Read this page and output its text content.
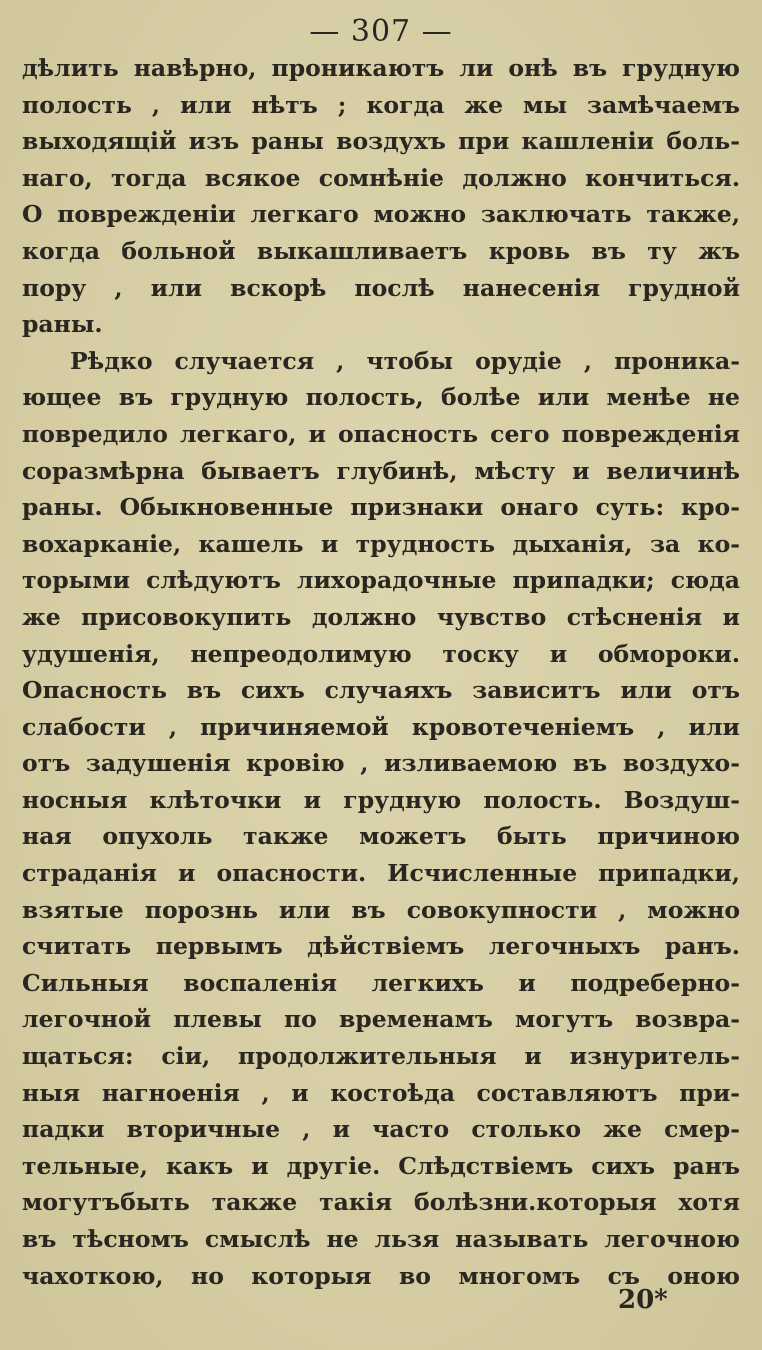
— 307 —
дѣлить навѣрно, проникаютъ ли онѣ въ грудную
полость , или нѣтъ ; когда же мы замѣчаемъ
выходящій изъ раны воздухъ при кашленіи боль-
наго, тогда всякое сомнѣніе должно кончиться.
О поврежденіи легкаго можно заключать также,
когда больной выкашливаетъ кровь въ ту жъ
пору , или вскорѣ послѣ нанесенія грудной
раны.
Рѣдко случается , чтобы орудіе , проника-
ющее въ грудную полость, болѣе или менѣе не
повредило легкаго, и опасность сего поврежденія
соразмѣрна бываетъ глубинѣ, мѣсту и величинѣ
раны. Обыкновенные признаки онаго суть: кро-
вохарканіе, кашель и трудность дыханія, за ко-
торыми слѣдуютъ лихорадочные припадки; сюда
же присовокупить должно чувство стѣсненія и
удушенія, непреодолимую тоску и обмороки.
Опасность въ сихъ случаяхъ зависитъ или отъ
слабости , причиняемой кровотеченіемъ , или
отъ задушенія кровію , изливаемою въ воздухо-
носныя клѣточки и грудную полость. Воздуш-
ная опухоль также можетъ быть причиною
страданія и опасности. Исчисленные припадки,
взятые порознь или въ совокупности , можно
считать первымъ дѣйствіемъ легочныхъ ранъ.
Сильныя воспаленія легкихъ и подреберно-
легочной плевы по временамъ могутъ возвра-
щаться: сіи, продолжительныя и изнуритель-
ныя нагноенія , и костоѣда составляютъ при-
падки вторичные , и часто столько же смер-
тельные, какъ и другіе. Слѣдствіемъ сихъ ранъ
могутъбыть также такія болѣзни.которыя хотя
въ тѣсномъ смыслѣ не льзя называть легочною
чахоткою, но которыя во многомъ съ оною
20*
